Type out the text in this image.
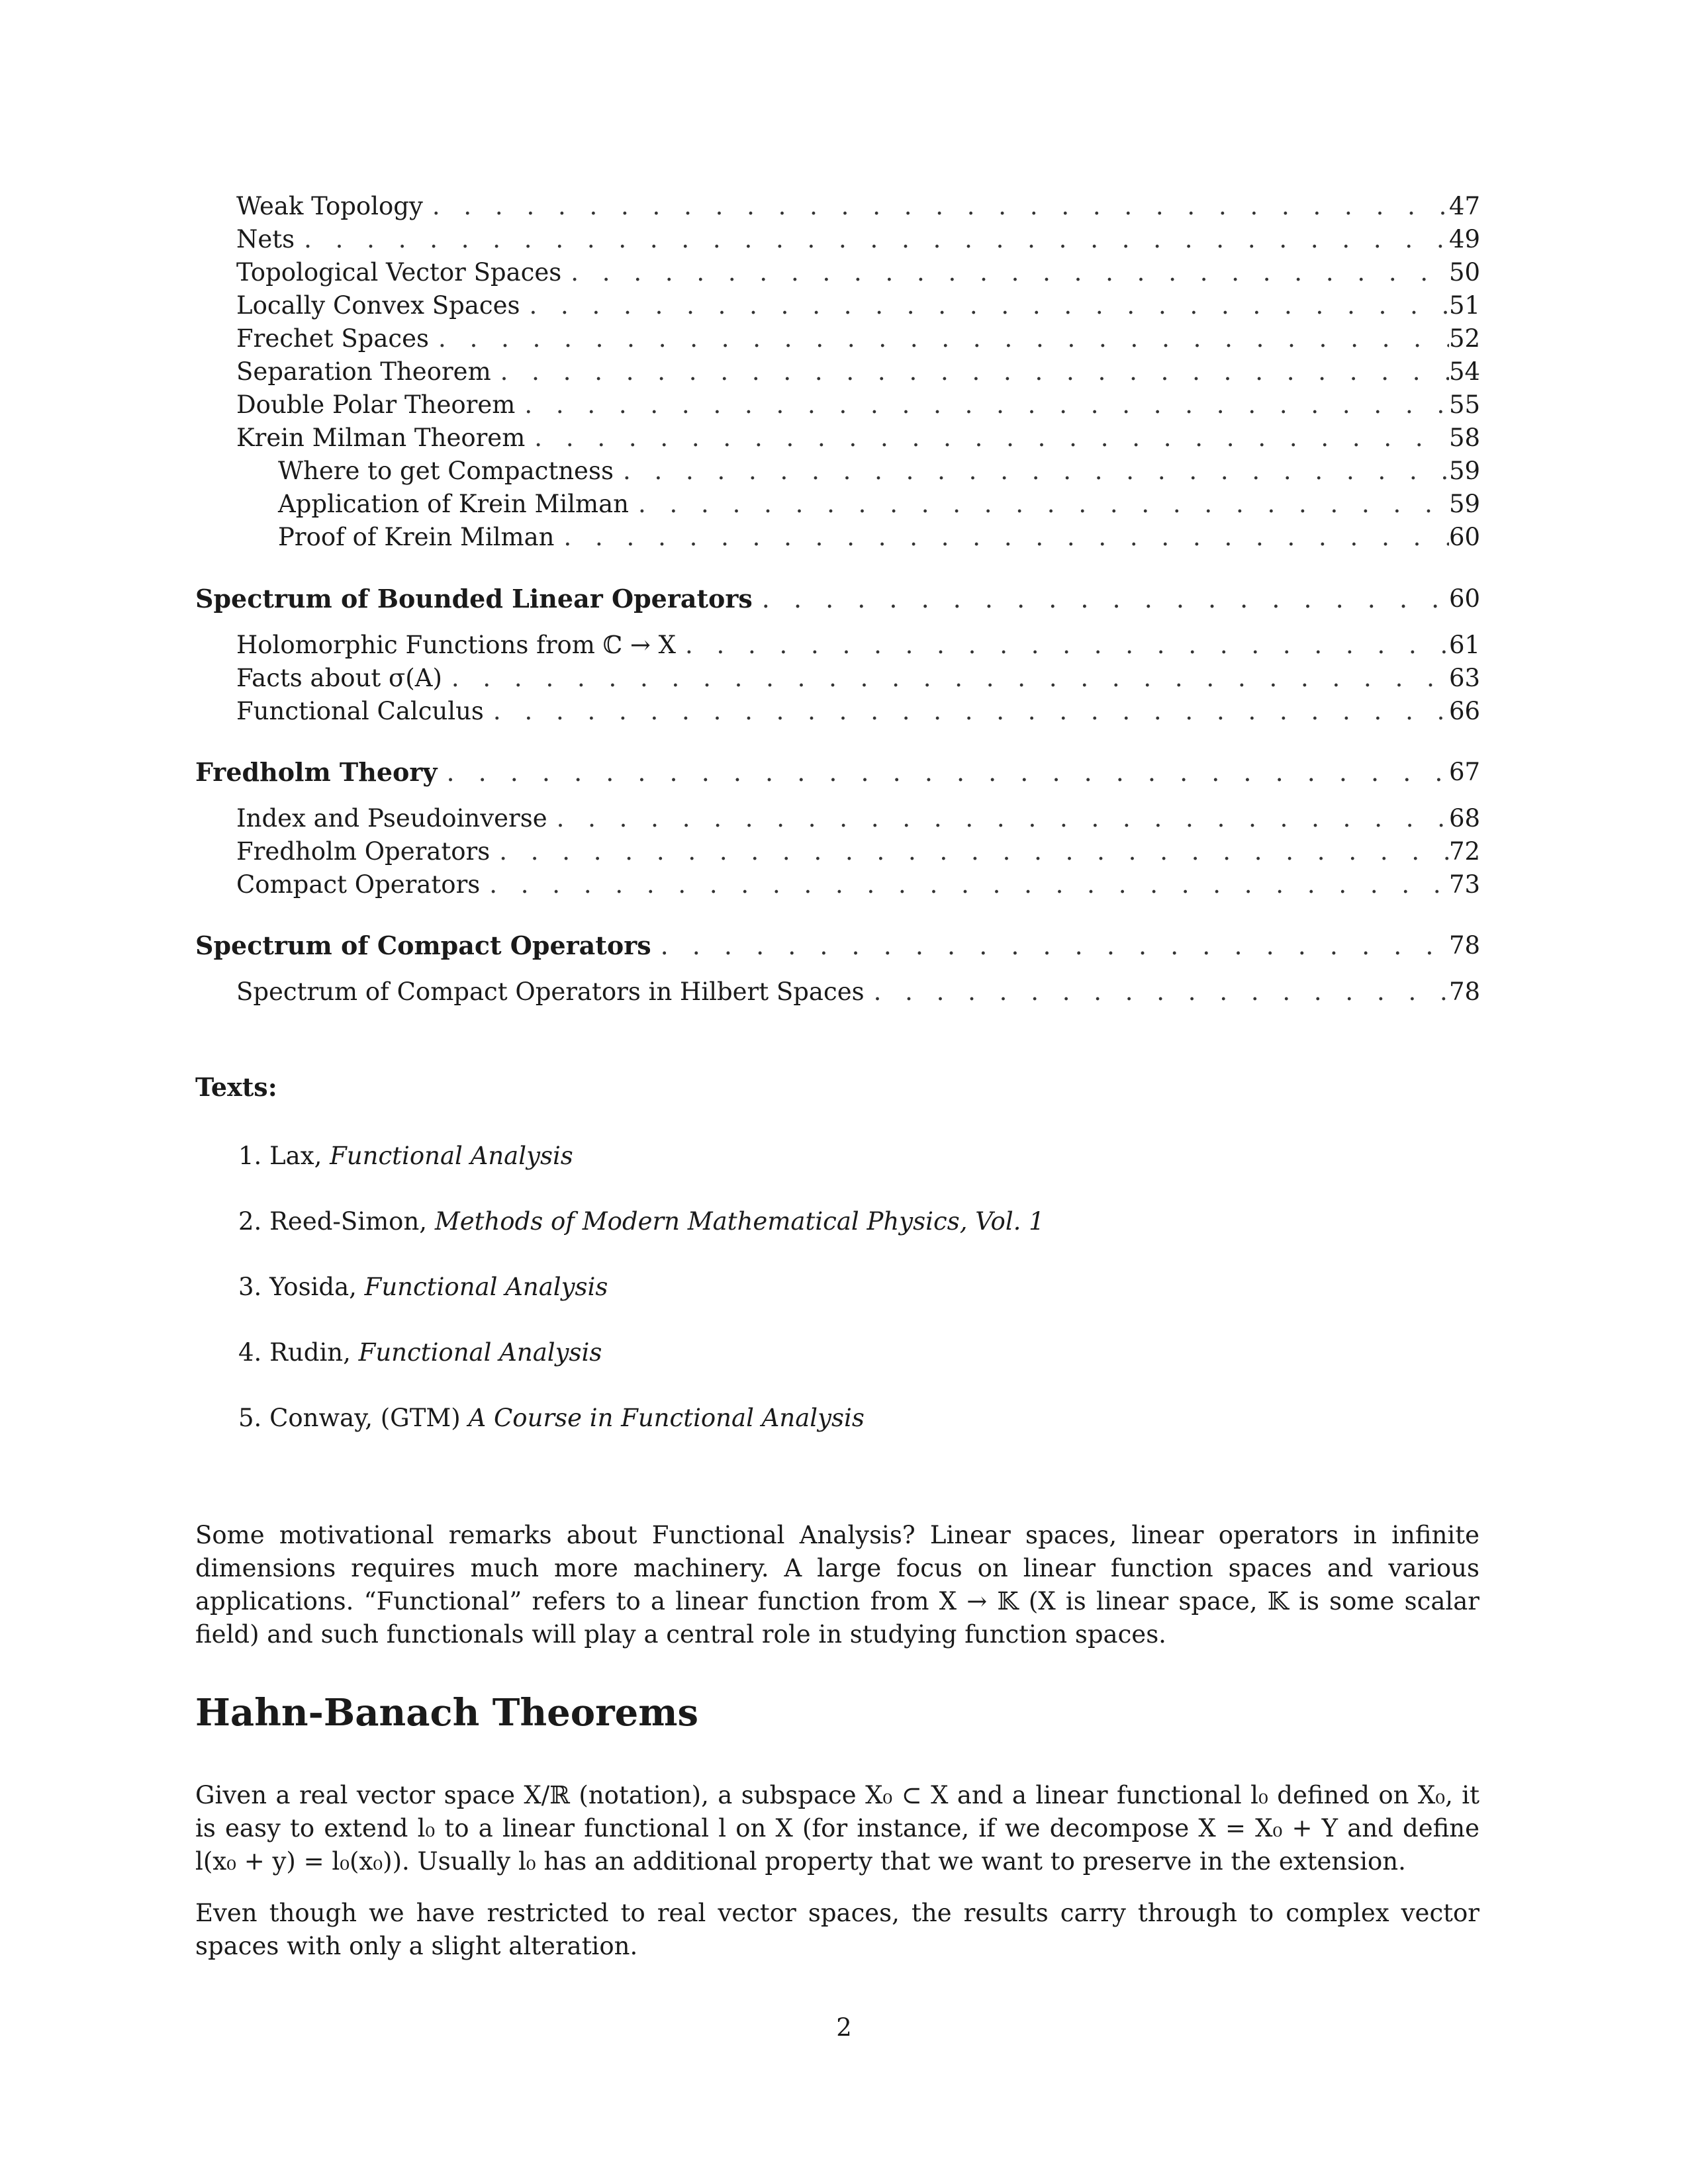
Weak Topology . . .	47
Nets . . .	49
Topological Vector Spaces . . .	50
Locally Convex Spaces . . .	51
Frechet Spaces . . .	52
Separation Theorem . . .	54
Double Polar Theorem . . .	55
Krein Milman Theorem . . .	58
Where to get Compactness . . .	59
Application of Krein Milman . . .	59
Proof of Krein Milman . . .	60
Spectrum of Bounded Linear Operators . . .	60
Holomorphic Functions from ℂ → X . . .	61
Facts about σ(A) . . .	63
Functional Calculus . . .	66
Fredholm Theory . . .	67
Index and Pseudoinverse . . .	68
Fredholm Operators . . .	72
Compact Operators . . .	73
Spectrum of Compact Operators . . .	78
Spectrum of Compact Operators in Hilbert Spaces . . .	78
Texts:
1. Lax, Functional Analysis
2. Reed-Simon, Methods of Modern Mathematical Physics, Vol. 1
3. Yosida, Functional Analysis
4. Rudin, Functional Analysis
5. Conway, (GTM) A Course in Functional Analysis
Some motivational remarks about Functional Analysis? Linear spaces, linear operators in infinite dimensions requires much more machinery. A large focus on linear function spaces and various applications. “Functional” refers to a linear function from X → 𝕂 (X is linear space, 𝕂 is some scalar field) and such functionals will play a central role in studying function spaces.
Hahn-Banach Theorems
Given a real vector space X/ℝ (notation), a subspace X₀ ⊂ X and a linear functional l₀ defined on X₀, it is easy to extend l₀ to a linear functional l on X (for instance, if we decompose X = X₀ + Y and define l(x₀ + y) = l₀(x₀)). Usually l₀ has an additional property that we want to preserve in the extension.
Even though we have restricted to real vector spaces, the results carry through to complex vector spaces with only a slight alteration.
2
